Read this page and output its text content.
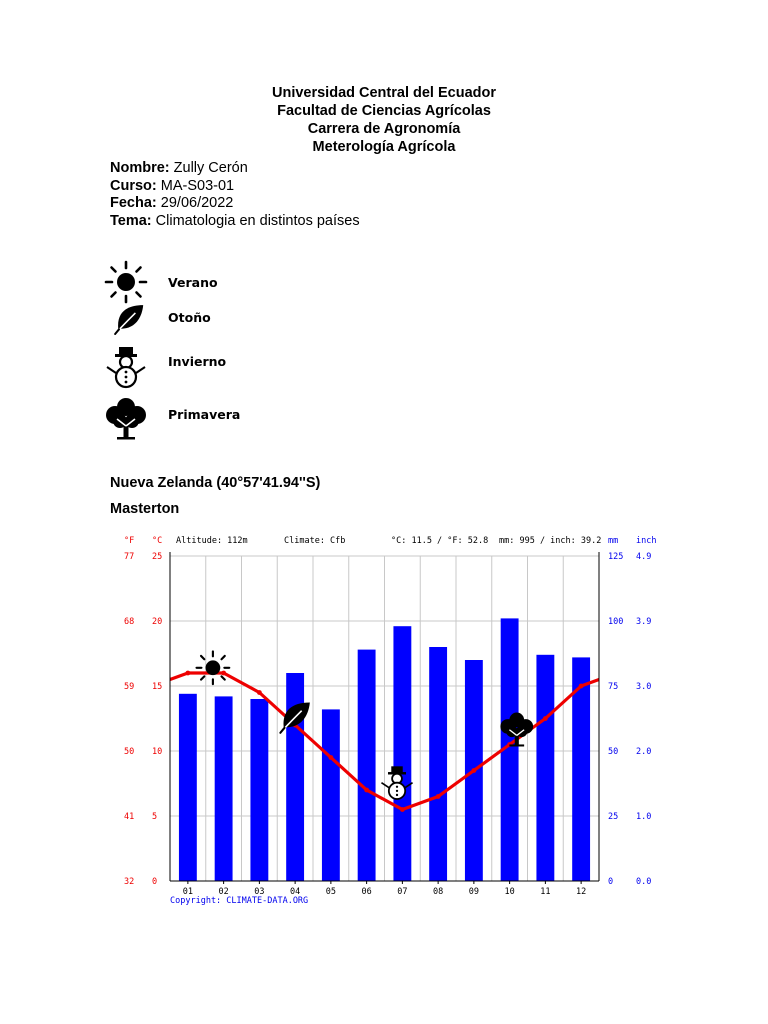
Universidad Central del Ecuador
Facultad de Ciencias Agrícolas
Carrera de Agronomía
Meterología Agrícola
Nombre: Zully Cerón
Curso: MA-S03-01
Fecha: 29/06/2022
Tema: Climatologia en distintos países
Verano
Otoño
Invierno
Primavera
Nueva Zelanda (40°57'41.94''S)
Masterton
32 0	0	0.0
41 5	25 1.0
50 10	50 2.0
59 15	75 3.0
68 20	100 3.9
77 25	125 4.9
01	02	03	04	05	06	07	08	09	10	11	12
°F °C Altitude: 112m	Climate: Cfb	°C: 11.5 / °F: 52.8 mm: 995 / inch: 39.2 mm inch
Copyright: CLIMATE-DATA.ORG
